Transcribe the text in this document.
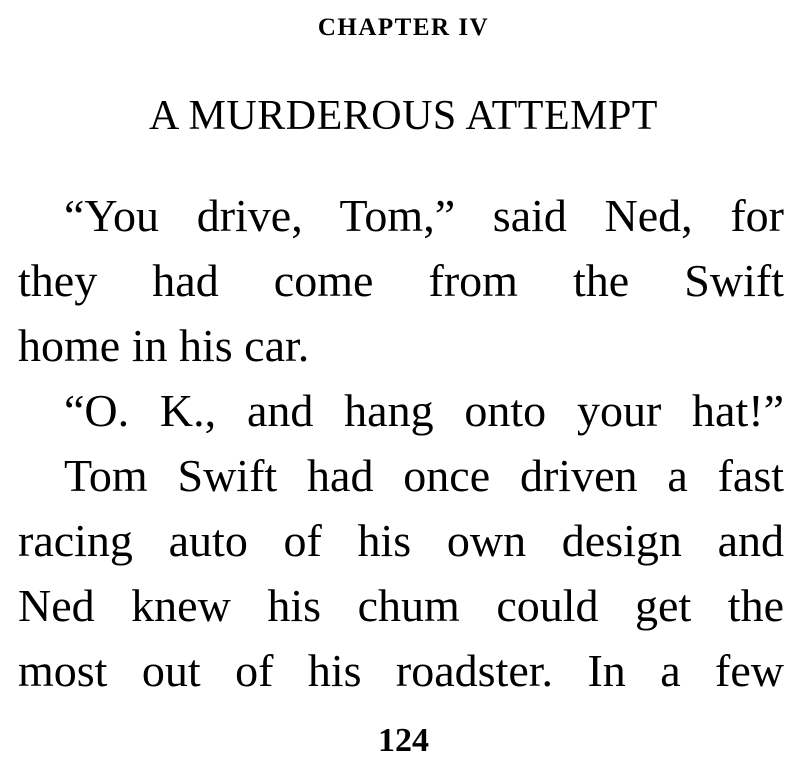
CHAPTER IV
A MURDEROUS ATTEMPT
“You drive, Tom,” said Ned, for
they had come from the Swift
home in his car.
“O. K., and hang onto your hat!”
Tom Swift had once driven a fast
racing auto of his own design and
Ned knew his chum could get the
most out of his roadster. In a few
124
